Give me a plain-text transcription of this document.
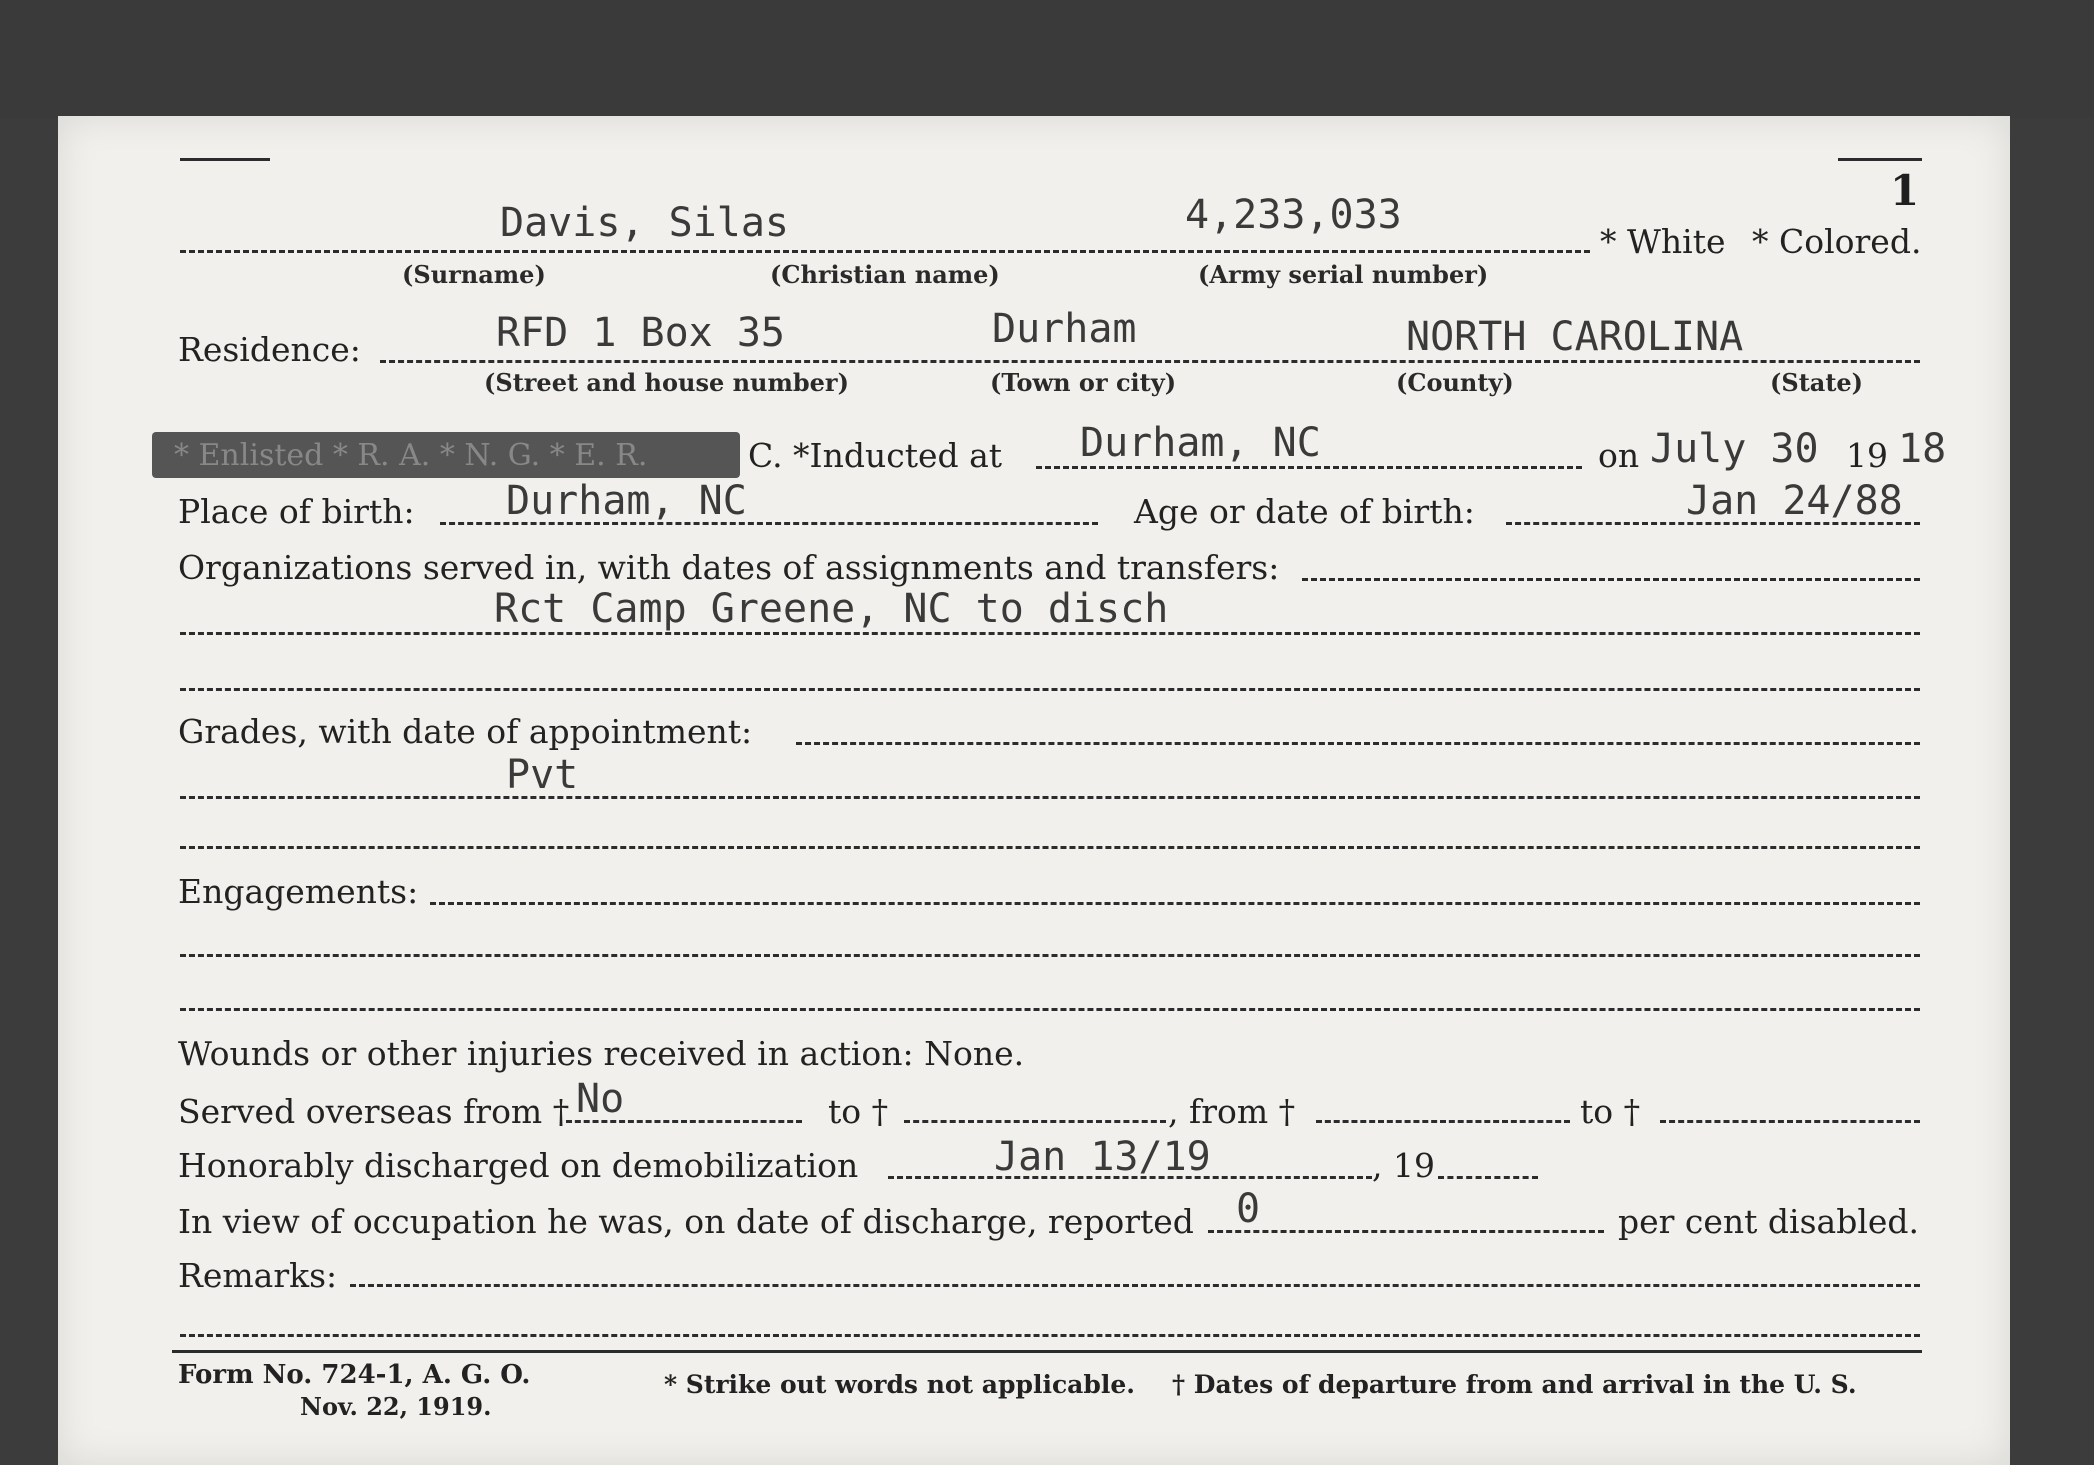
1
Davis, Silas	4,233,033
* White * Colored.
(Surname)	(Christian name)	(Army serial number)
Residence:	RFD 1 Box 35	Durham	NORTH CAROLINA
(Street and house number)	(Town or city)	(County)	(State)
* Enlisted * R. A. * N. G. * E. R.	C. *Inducted at Durham, NC	on July 30 19 18
Place of birth: Durham, NC	Age or date of birth:	Jan 24/88
Organizations served in, with dates of assignments and transfers:
Rct Camp Greene, NC to disch
Grades, with date of appointment:
Pvt
Engagements:
Wounds or other injuries received in action: None.
Served overseas from † No	to †	, from †	to †
Honorably discharged on demobilization	Jan 13/19	, 19
In view of occupation he was, on date of discharge, reported 0	per cent disabled.
Remarks:
Form No. 724-1, A. G. O.
Nov. 22, 1919.
* Strike out words not applicable. † Dates of departure from and arrival in the U. S.
